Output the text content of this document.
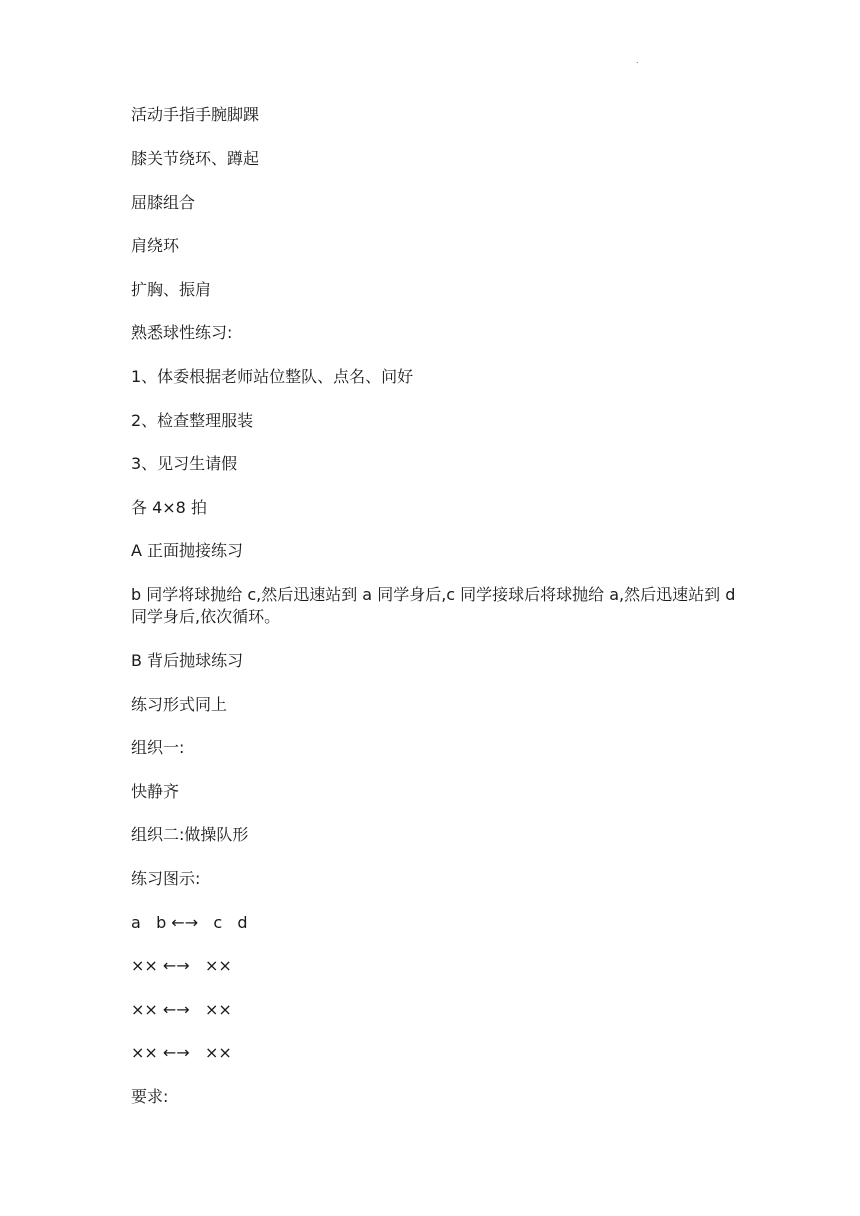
.

活动手指手腕脚踝

膝关节绕环、蹲起

屈膝组合

肩绕环

扩胸、振肩

熟悉球性练习:

1、体委根据老师站位整队、点名、问好

2、检查整理服装

3、见习生请假

各 4×8 拍

A 正面抛接练习

b 同学将球抛给 c,然后迅速站到 a 同学身后,c 同学接球后将球抛给 a,然后迅速站到 d 同学身后,依次循环。

B 背后抛球练习

练习形式同上

组织一:

快静齐

组织二:做操队形

练习图示:

a   b ←→   c   d

×× ←→   ××

×× ←→   ××

×× ←→   ××

要求:
